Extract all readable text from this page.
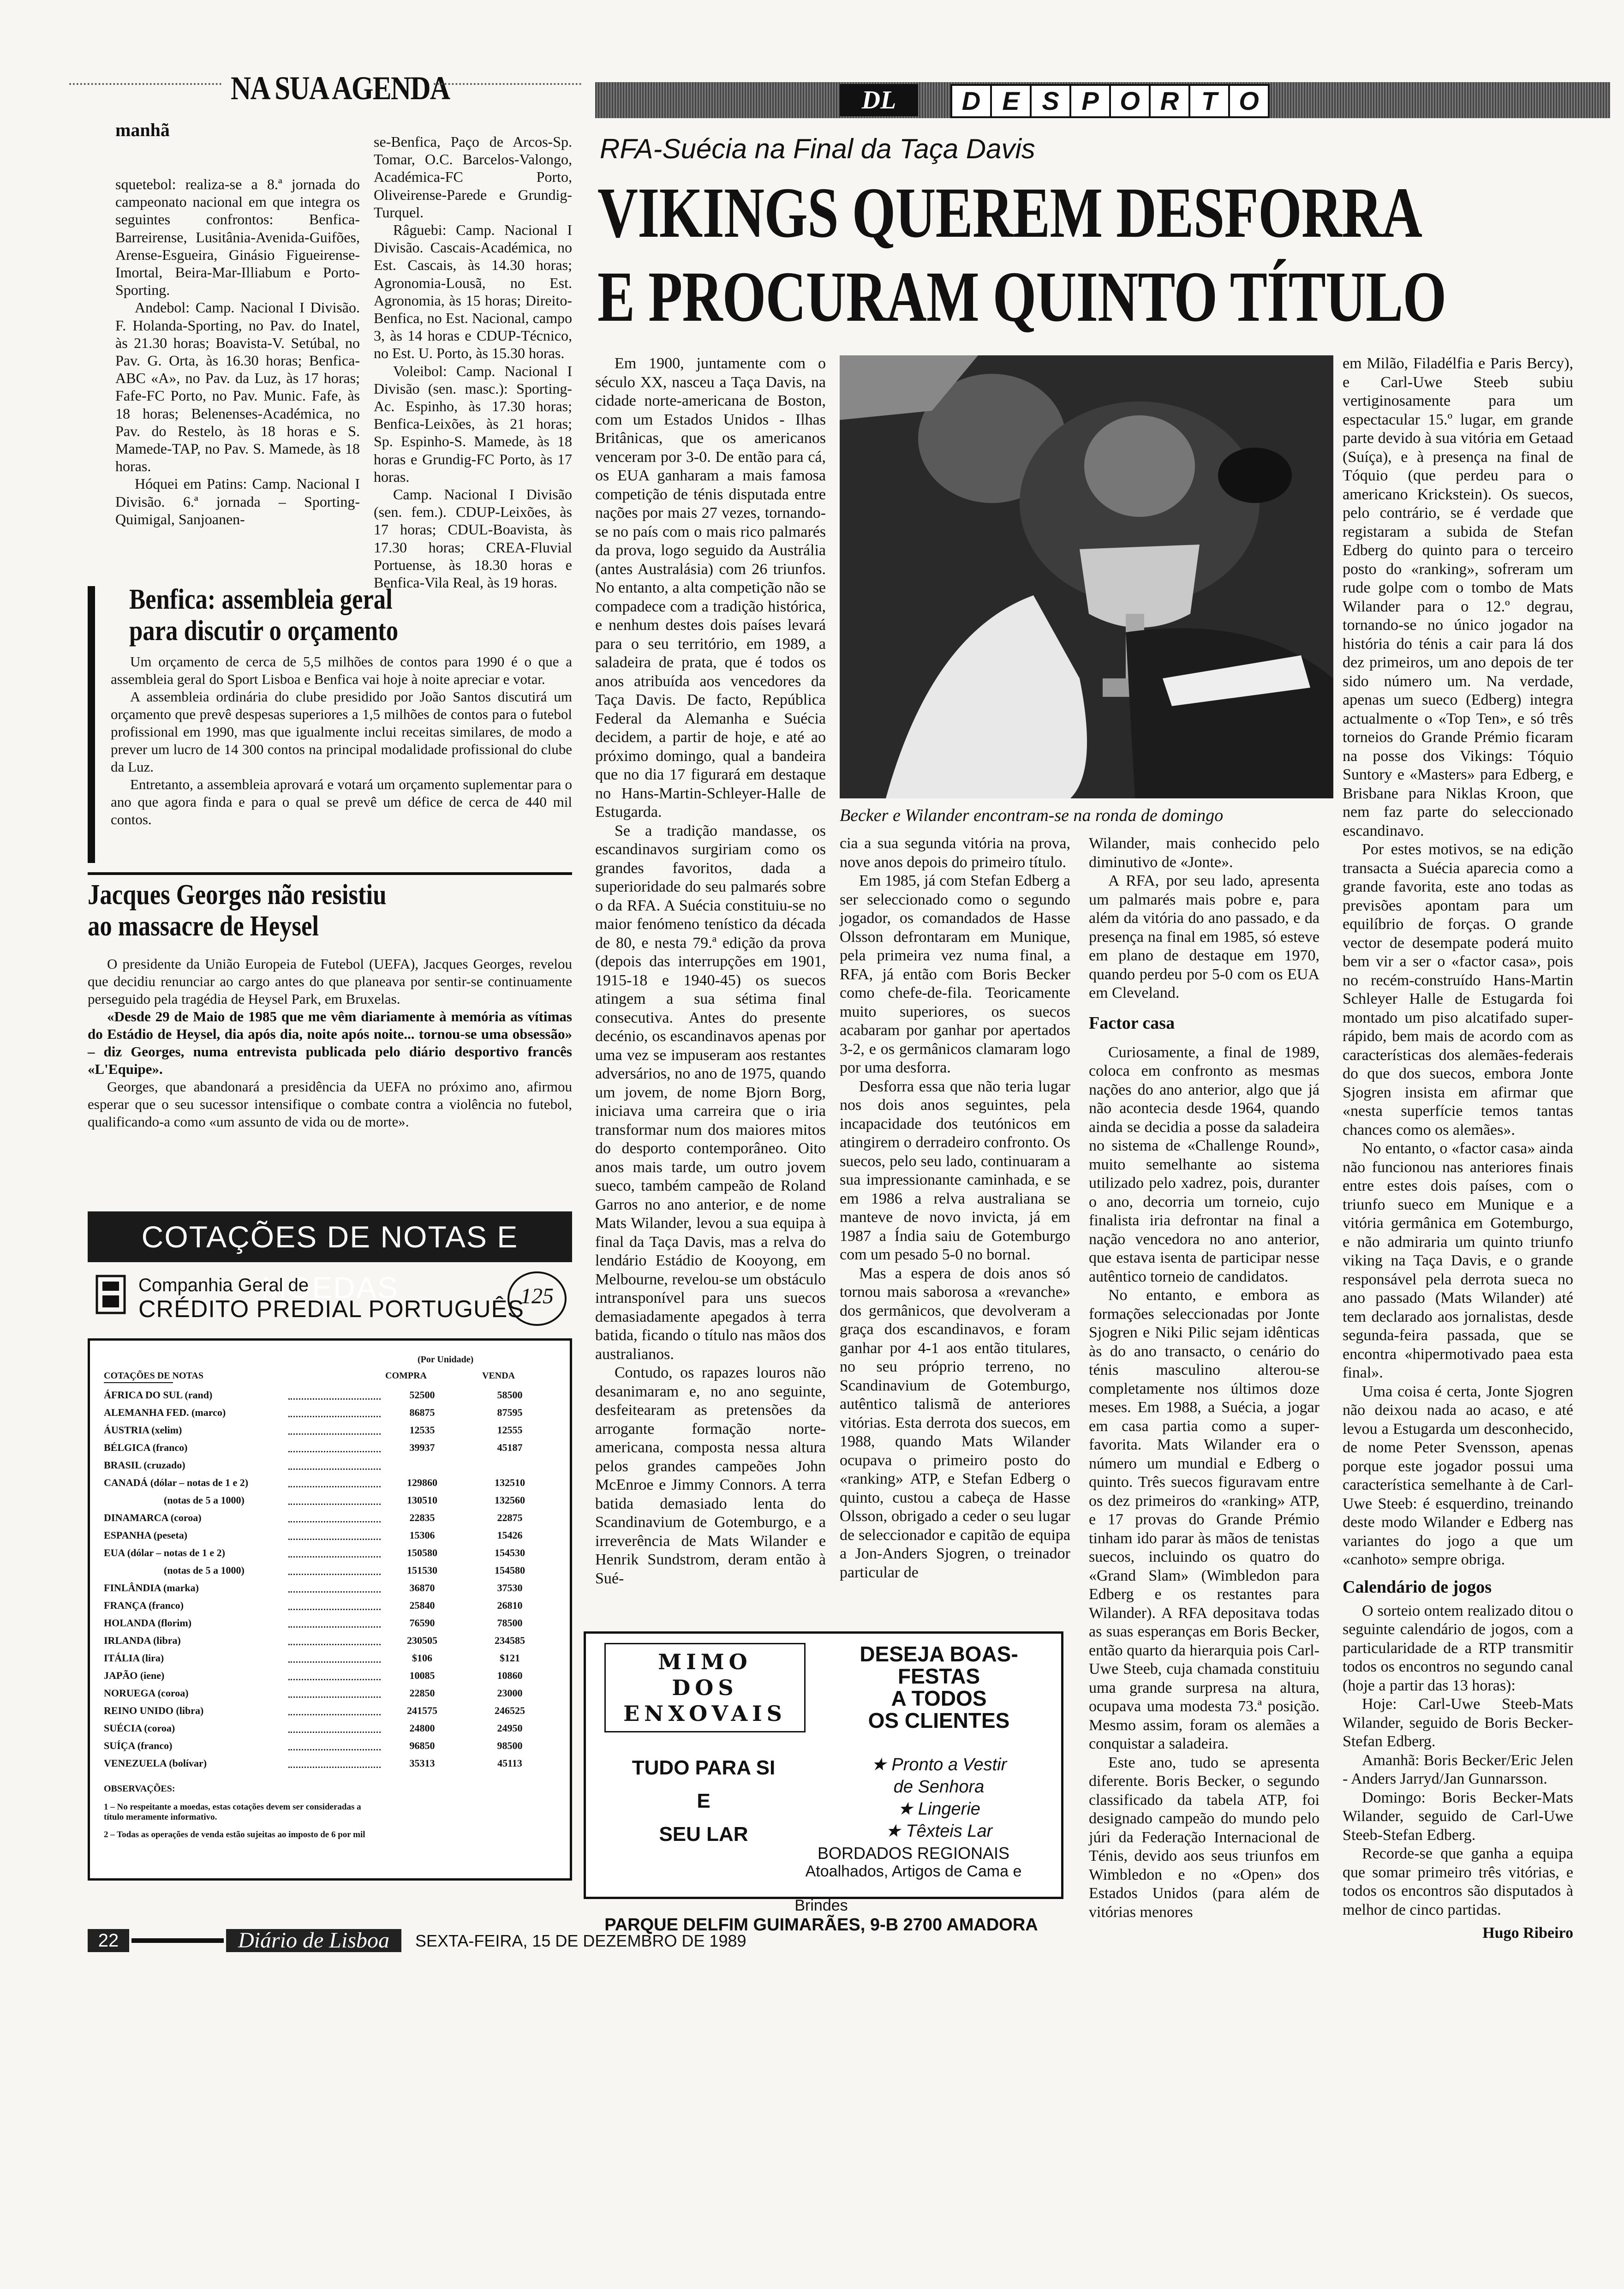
NA SUA AGENDA
manhã

squetebol: realiza-se a 8.ª jornada do campeonato nacional em que integra os seguintes confrontos: Benfica-Barreirense, Lusitânia-Avenida-Guifões, Arense-Esgueira, Ginásio Figueirense-Imortal, Beira-Mar-Illiabum e Porto-Sporting.

Andebol: Camp. Nacional I Divisão. F. Holanda-Sporting, no Pav. do Inatel, às 21.30 horas; Boavista-V. Setúbal, no Pav. G. Orta, às 16.30 horas; Benfica-ABC «A», no Pav. da Luz, às 17 horas; Fafe-FC Porto, no Pav. Munic. Fafe, às 18 horas; Belenenses-Académica, no Pav. do Restelo, às 18 horas e S. Mamede-TAP, no Pav. S. Mamede, às 18 horas.

Hóquei em Patins: Camp. Nacional I Divisão. 6.ª jornada – Sporting-Quimigal, Sanjoanen-

se-Benfica, Paço de Arcos-Sp. Tomar, O.C. Barcelos-Valongo, Académica-FC Porto, Oliveirense-Parede e Grundig-Turquel.

Râguebi: Camp. Nacional I Divisão. Cascais-Académica, no Est. Cascais, às 14.30 horas; Agronomia-Lousã, no Est. Agronomia, às 15 horas; Direito-Benfica, no Est. Nacional, campo 3, às 14 horas e CDUP-Técnico, no Est. U. Porto, às 15.30 horas.

Voleibol: Camp. Nacional I Divisão (sen. masc.): Sporting-Ac. Espinho, às 17.30 horas; Benfica-Leixões, às 21 horas; Sp. Espinho-S. Mamede, às 18 horas e Grundig-FC Porto, às 17 horas.

Camp. Nacional I Divisão (sen. fem.). CDUP-Leixões, às 17 horas; CDUL-Boavista, às 17.30 horas; CREA-Fluvial Portuense, às 18.30 horas e Benfica-Vila Real, às 19 horas.

Benfica: assembleia geral
para discutir o orçamento

Um orçamento de cerca de 5,5 milhões de contos para 1990 é o que a assembleia geral do Sport Lisboa e Benfica vai hoje à noite apreciar e votar.

A assembleia ordinária do clube presidido por João Santos discutirá um orçamento que prevê despesas superiores a 1,5 milhões de contos para o futebol profissional em 1990, mas que igualmente inclui receitas similares, de modo a prever um lucro de 14 300 contos na principal modalidade profissional do clube da Luz.

Entretanto, a assembleia aprovará e votará um orçamento suplementar para o ano que agora finda e para o qual se prevê um défice de cerca de 440 mil contos.

Jacques Georges não resistiu
ao massacre de Heysel

O presidente da União Europeia de Futebol (UEFA), Jacques Georges, revelou que decidiu renunciar ao cargo antes do que planeava por sentir-se continuamente perseguido pela tragédia de Heysel Park, em Bruxelas.

«Desde 29 de Maio de 1985 que me vêm diariamente à memória as vítimas do Estádio de Heysel, dia após dia, noite após noite... tornou-se uma obsessão» – diz Georges, numa entrevista publicada pelo diário desportivo francês «L'Equipe».

Georges, que abandonará a presidência da UEFA no próximo ano, afirmou esperar que o seu sucessor intensifique o combate contra a violência no futebol, qualificando-a como «um assunto de vida ou de morte».

COTAÇÕES DE NOTAS E MOEDAS
Companhia Geral de
CRÉDITO PREDIAL PORTUGUÊS
125
(Por Unidade)
COTAÇÕES DE NOTAS	COMPRA	VENDA
ÁFRICA DO SUL (rand)	52500	58500
ALEMANHA FED. (marco)	86875	87595
ÁUSTRIA (xelim)	12535	12555
BÉLGICA (franco)	39937	45187
BRASIL (cruzado)
CANADÁ (dólar – notas de 1 e 2)	129860	132510
(notas de 5 a 1000)	130510	132560
DINAMARCA (coroa)	22835	22875
ESPANHA (peseta)	15306	15426
EUA (dólar – notas de 1 e 2)	150580	154530
(notas de 5 a 1000)	151530	154580
FINLÂNDIA (marka)	36870	37530
FRANÇA (franco)	25840	26810
HOLANDA (florim)	76590	78500
IRLANDA (libra)	230505	234585
ITÁLIA (lira)	$106	$121
JAPÃO (iene)	10085	10860
NORUEGA (coroa)	22850	23000
REINO UNIDO (libra)	241575	246525
SUÉCIA (coroa)	24800	24950
SUÍÇA (franco)	96850	98500
VENEZUELA (bolívar)	35313	45113
OBSERVAÇÕES:
1 – No respeitante a moedas, estas cotações devem ser consideradas a título meramente informativo.
2 – Todas as operações de venda estão sujeitas ao imposto de 6 por mil
DL	D E S P O R T O
RFA-Suécia na Final da Taça Davis
VIKINGS QUEREM DESFORRA
E PROCURAM QUINTO TÍTULO

Em 1900, juntamente com o século XX, nasceu a Taça Davis, na cidade norte-americana de Boston, com um Estados Unidos - Ilhas Britânicas, que os americanos venceram por 3-0. De então para cá, os EUA ganharam a mais famosa competição de ténis disputada entre nações por mais 27 vezes, tornando-se no país com o mais rico palmarés da prova, logo seguido da Austrália (antes Australásia) com 26 triunfos. No entanto, a alta competição não se compadece com a tradição histórica, e nenhum destes dois países levará para o seu território, em 1989, a saladeira de prata, que é todos os anos atribuída aos vencedores da Taça Davis. De facto, República Federal da Alemanha e Suécia decidem, a partir de hoje, e até ao próximo domingo, qual a bandeira que no dia 17 figurará em destaque no Hans-Martin-Schleyer-Halle de Estugarda.

Se a tradição mandasse, os escandinavos surgiriam como os grandes favoritos, dada a superioridade do seu palmarés sobre o da RFA. A Suécia constituiu-se no maior fenómeno tenístico da década de 80, e nesta 79.ª edição da prova (depois das interrupções em 1901, 1915-18 e 1940-45) os suecos atingem a sua sétima final consecutiva. Antes do presente decénio, os escandinavos apenas por uma vez se impuseram aos restantes adversários, no ano de 1975, quando um jovem, de nome Bjorn Borg, iniciava uma carreira que o iria transformar num dos maiores mitos do desporto contemporâneo. Oito anos mais tarde, um outro jovem sueco, também campeão de Roland Garros no ano anterior, e de nome Mats Wilander, levou a sua equipa à final da Taça Davis, mas a relva do lendário Estádio de Kooyong, em Melbourne, revelou-se um obstáculo intransponível para uns suecos demasiadamente apegados à terra batida, ficando o título nas mãos dos australianos.

Contudo, os rapazes louros não desanimaram e, no ano seguinte, desfeitearam as pretensões da arrogante formação norte-americana, composta nessa altura pelos grandes campeões John McEnroe e Jimmy Connors. A terra batida demasiado lenta do Scandinavium de Gotemburgo, e a irreverência de Mats Wilander e Henrik Sundstrom, deram então à Sué-

Becker e Wilander encontram-se na ronda de domingo

cia a sua segunda vitória na prova, nove anos depois do primeiro título.

Em 1985, já com Stefan Edberg a ser seleccionado como o segundo jogador, os comandados de Hasse Olsson defrontaram em Munique, pela primeira vez numa final, a RFA, já então com Boris Becker como chefe-de-fila. Teoricamente muito superiores, os suecos acabaram por ganhar por apertados 3-2, e os germânicos clamaram logo por uma desforra.

Desforra essa que não teria lugar nos dois anos seguintes, pela incapacidade dos teutónicos em atingirem o derradeiro confronto. Os suecos, pelo seu lado, continuaram a sua impressionante caminhada, e se em 1986 a relva australiana se manteve de novo invicta, já em 1987 a Índia saiu de Gotemburgo com um pesado 5-0 no bornal.

Mas a espera de dois anos só tornou mais saborosa a «revanche» dos germânicos, que devolveram a graça dos escandinavos, e foram ganhar por 4-1 aos então titulares, no seu próprio terreno, no Scandinavium de Gotemburgo, autêntico talismã de anteriores vitórias. Esta derrota dos suecos, em 1988, quando Mats Wilander ocupava o primeiro posto do «ranking» ATP, e Stefan Edberg o quinto, custou a cabeça de Hasse Olsson, obrigado a ceder o seu lugar de seleccionador e capitão de equipa a Jon-Anders Sjogren, o treinador particular de

Wilander, mais conhecido pelo diminutivo de «Jonte».

A RFA, por seu lado, apresenta um palmarés mais pobre e, para além da vitória do ano passado, e da presença na final em 1985, só esteve em plano de destaque em 1970, quando perdeu por 5-0 com os EUA em Cleveland.

Factor casa

Curiosamente, a final de 1989, coloca em confronto as mesmas nações do ano anterior, algo que já não acontecia desde 1964, quando ainda se decidia a posse da saladeira no sistema de «Challenge Round», muito semelhante ao sistema utilizado pelo xadrez, pois, duranter o ano, decorria um torneio, cujo finalista iria defrontar na final a nação vencedora no ano anterior, que estava isenta de participar nesse autêntico torneio de candidatos.

No entanto, e embora as formações seleccionadas por Jonte Sjogren e Niki Pilic sejam idênticas às do ano transacto, o cenário do ténis masculino alterou-se completamente nos últimos doze meses. Em 1988, a Suécia, a jogar em casa partia como a super-favorita. Mats Wilander era o número um mundial e Edberg o quinto. Três suecos figuravam entre os dez primeiros do «ranking» ATP, e 17 provas do Grande Prémio tinham ido parar às mãos de tenistas suecos, incluindo os quatro do «Grand Slam» (Wimbledon para Edberg e os restantes para Wilander). A RFA depositava todas as suas esperanças em Boris Becker, então quarto da hierarquia pois Carl-Uwe Steeb, cuja chamada constituiu uma grande surpresa na altura, ocupava uma modesta 73.ª posição. Mesmo assim, foram os alemães a conquistar a saladeira.

Este ano, tudo se apresenta diferente. Boris Becker, o segundo classificado da tabela ATP, foi designado campeão do mundo pelo júri da Federação Internacional de Ténis, devido aos seus triunfos em Wimbledon e no «Open» dos Estados Unidos (para além de vitórias menores

em Milão, Filadélfia e Paris Bercy), e Carl-Uwe Steeb subiu vertiginosamente para um espectacular 15.º lugar, em grande parte devido à sua vitória em Getaad (Suíça), e à presença na final de Tóquio (que perdeu para o americano Krickstein). Os suecos, pelo contrário, se é verdade que registaram a subida de Stefan Edberg do quinto para o terceiro posto do «ranking», sofreram um rude golpe com o tombo de Mats Wilander para o 12.º degrau, tornando-se no único jogador na história do ténis a cair para lá dos dez primeiros, um ano depois de ter sido número um. Na verdade, apenas um sueco (Edberg) integra actualmente o «Top Ten», e só três torneios do Grande Prémio ficaram na posse dos Vikings: Tóquio Suntory e «Masters» para Edberg, e Brisbane para Niklas Kroon, que nem faz parte do seleccionado escandinavo.

Por estes motivos, se na edição transacta a Suécia aparecia como a grande favorita, este ano todas as previsões apontam para um equilíbrio de forças. O grande vector de desempate poderá muito bem vir a ser o «factor casa», pois no recém-construído Hans-Martin Schleyer Halle de Estugarda foi montado um piso alcatifado super-rápido, bem mais de acordo com as características dos alemães-federais do que dos suecos, embora Jonte Sjogren insista em afirmar que «nesta superfície temos tantas chances como os alemães».

No entanto, o «factor casa» ainda não funcionou nas anteriores finais entre estes dois países, com o triunfo sueco em Munique e a vitória germânica em Gotemburgo, e não admiraria um quinto triunfo viking na Taça Davis, e o grande responsável pela derrota sueca no ano passado (Mats Wilander) até tem declarado aos jornalistas, desde segunda-feira passada, que se encontra «hipermotivado paea esta final».

Uma coisa é certa, Jonte Sjogren não deixou nada ao acaso, e até levou a Estugarda um desconhecido, de nome Peter Svensson, apenas porque este jogador possui uma característica semelhante à de Carl-Uwe Steeb: é esquerdino, treinando deste modo Wilander e Edberg nas variantes do jogo a que um «canhoto» sempre obriga.

Calendário de jogos

O sorteio ontem realizado ditou o seguinte calendário de jogos, com a particularidade de a RTP transmitir todos os encontros no segundo canal (hoje a partir das 13 horas):

Hoje: Carl-Uwe Steeb-Mats Wilander, seguido de Boris Becker-Stefan Edberg.

Amanhã: Boris Becker/Eric Jelen - Anders Jarryd/Jan Gunnarsson.

Domingo: Boris Becker-Mats Wilander, seguido de Carl-Uwe Steeb-Stefan Edberg.

Recorde-se que ganha a equipa que somar primeiro três vitórias, e todos os encontros são disputados à melhor de cinco partidas.

Hugo Ribeiro
MIMO
DOS
ENXOVAIS
TUDO PARA SI
E
SEU LAR
DESEJA BOAS-
FESTAS
A TODOS
OS CLIENTES
★ Pronto a Vestir
de Senhora
★ Lingerie
★ Têxteis Lar
BORDADOS REGIONAIS
Atoalhados, Artigos de Cama e
Brindes
PARQUE DELFIM GUIMARÃES, 9-B 2700 AMADORA
22	Diário de Lisboa	SEXTA-FEIRA, 15 DE DEZEMBRO DE 1989
